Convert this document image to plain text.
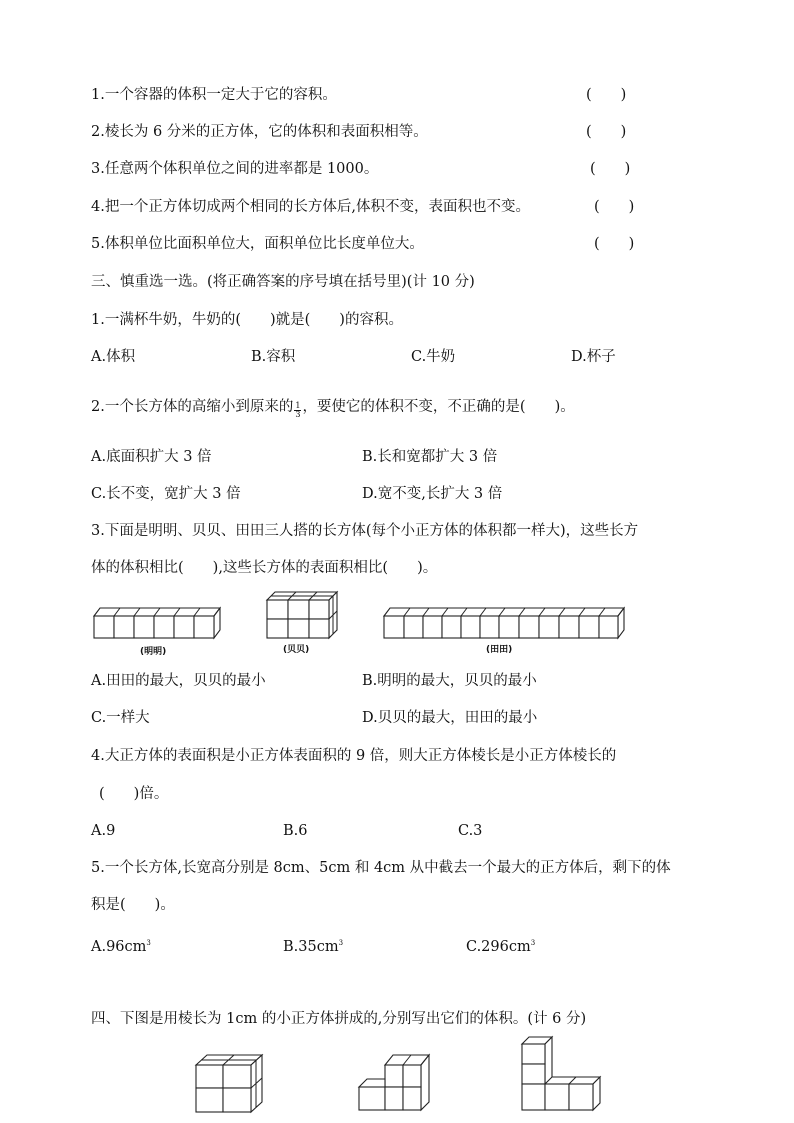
1.一个容器的体积一定大于它的容积。	(　　)
2.棱长为 6 分米的正方体，它的体积和表面积相等。	(　　)
3.任意两个体积单位之间的进率都是 1000。	(　　)
4.把一个正方体切成两个相同的长方体后,体积不变，表面积也不变。	(　　)
5.体积单位比面积单位大，面积单位比长度单位大。	(　　)
三、慎重选一选。(将正确答案的序号填在括号里)(计 10 分)
1.一满杯牛奶，牛奶的(　　)就是(　　)的容积。
A.体积	B.容积	C.牛奶	D.杯子
2.一个长方体的高缩小到原来的 $\frac{1}{3}$ ，要使它的体积不变，不正确的是(　　)。
A.底面积扩大 3 倍	B.长和宽都扩大 3 倍
C.长不变，宽扩大 3 倍	D.宽不变,长扩大 3 倍
3.下面是明明、贝贝、田田三人搭的长方体(每个小正方体的体积都一样大)，这些长方
体的体积相比(　　),这些长方体的表面积相比(　　)。
(明明)	(贝贝)	(田田)
A.田田的最大，贝贝的最小	B.明明的最大，贝贝的最小
C.一样大	D.贝贝的最大，田田的最小
4.大正方体的表面积是小正方体表面积的 9 倍，则大正方体棱长是小正方体棱长的
(　　)倍。
A.9	B.6	C.3
5.一个长方体,长宽高分别是 8cm、5cm 和 4cm 从中截去一个最大的正方体后，剩下的体
积是(　　)。
$A.96cm^3$	$B.35cm^3$	$C.296cm^3$
四、下图是用棱长为 1cm 的小正方体拼成的,分别写出它们的体积。(计 6 分)
